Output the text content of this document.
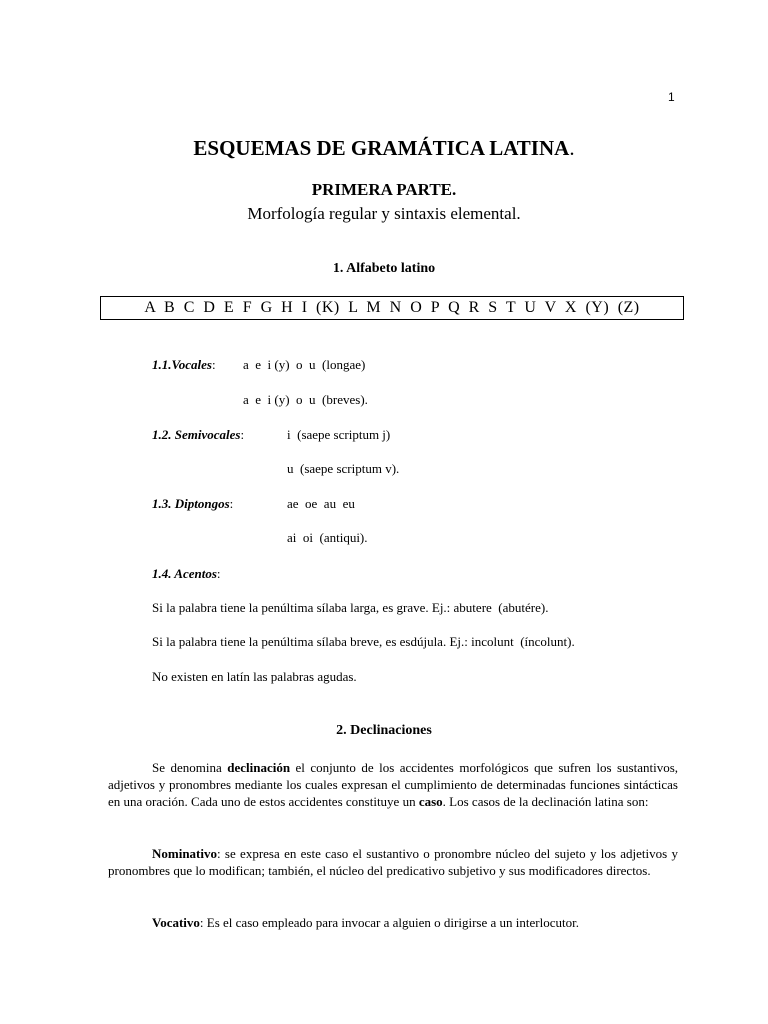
1
ESQUEMAS DE GRAMÁTICA LATINA.
PRIMERA PARTE.
Morfología regular y sintaxis elemental.
1. Alfabeto latino
A B C D E F G H I (K) L M N O P Q R S T U V X (Y) (Z)
1.1.Vocales: a  e  i (y)  o  u  (longae)
a  e  i (y)  o  u  (breves).
1.2. Semivocales:	i  (saepe scriptum j)
u  (saepe scriptum v).
1.3. Diptongos:	ae  oe  au  eu
ai  oi  (antiqui).
1.4. Acentos:
Si la palabra tiene la penúltima sílaba larga, es grave. Ej.: abutere  (abutére).
Si la palabra tiene la penúltima sílaba breve, es esdújula. Ej.: incolunt  (íncolunt).
No existen en latín las palabras agudas.
2. Declinaciones

Se denomina declinación el conjunto de los accidentes morfológicos que sufren los sustantivos, adjetivos y pronombres mediante los cuales expresan el cumplimiento de determinadas funciones sintácticas en una oración. Cada uno de estos accidentes constituye un caso. Los casos de la declinación latina son:

Nominativo: se expresa en este caso el sustantivo o pronombre núcleo del sujeto y los adjetivos y pronombres que lo modifican; también, el núcleo del predicativo subjetivo y sus modificadores directos.

Vocativo: Es el caso empleado para invocar a alguien o dirigirse a un interlocutor.
